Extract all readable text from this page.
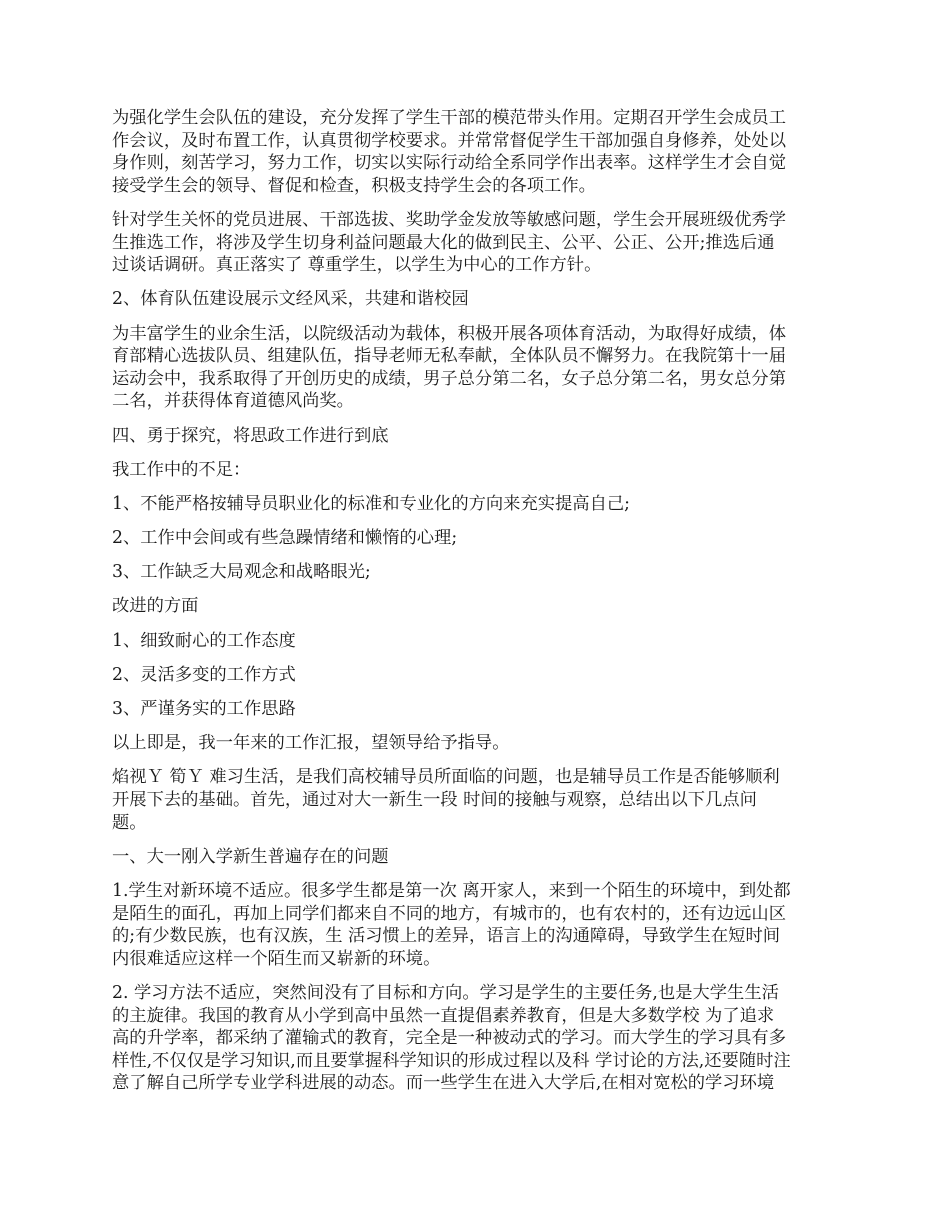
为强化学生会队伍的建设，充分发挥了学生干部的模范带头作用。定期召开学生会成员工
作会议，及时布置工作，认真贯彻学校要求。并常常督促学生干部加强自身修养，处处以
身作则，刻苦学习，努力工作，切实以实际行动给全系同学作出表率。这样学生才会自觉
接受学生会的领导、督促和检查，积极支持学生会的各项工作。
针对学生关怀的党员进展、干部选拔、奖助学金发放等敏感问题，学生会开展班级优秀学
生推选工作，将涉及学生切身利益问题最大化的做到民主、公平、公正、公开;推选后通
过谈话调研。真正落实了 尊重学生，以学生为中心的工作方针。
2、体育队伍建设展示文经风采，共建和谐校园
为丰富学生的业余生活，以院级活动为载体，积极开展各项体育活动，为取得好成绩，体
育部精心选拔队员、组建队伍，指导老师无私奉献，全体队员不懈努力。在我院第十一届
运动会中，我系取得了开创历史的成绩，男子总分第二名，女子总分第二名，男女总分第
二名，并获得体育道德风尚奖。
四、勇于探究，将思政工作进行到底
我工作中的不足：
1、不能严格按辅导员职业化的标准和专业化的方向来充实提高自己;
2、工作中会间或有些急躁情绪和懒惰的心理;
3、工作缺乏大局观念和战略眼光;
改进的方面
1、细致耐心的工作态度
2、灵活多变的工作方式
3、严谨务实的工作思路
以上即是，我一年来的工作汇报，望领导给予指导。
焰视Ｙ 筍Ｙ 难习生活，是我们高校辅导员所面临的问题，也是辅导员工作是否能够顺利
开展下去的基础。首先，通过对大一新生一段 时间的接触与观察，总结出以下几点问
题。
一、大一刚入学新生普遍存在的问题
1.学生对新环境不适应。很多学生都是第一次 离开家人，来到一个陌生的环境中，到处都
是陌生的面孔，再加上同学们都来自不同的地方，有城市的，也有农村的，还有边远山区
的;有少数民族，也有汉族，生 活习惯上的差异，语言上的沟通障碍，导致学生在短时间
内很难适应这样一个陌生而又崭新的环境。
2. 学习方法不适应，突然间没有了目标和方向。学习是学生的主要任务,也是大学生生活
的主旋律。我国的教育从小学到高中虽然一直提倡素养教育，但是大多数学校 为了追求
高的升学率，都采纳了灌输式的教育，完全是一种被动式的学习。而大学生的学习具有多
样性,不仅仅是学习知识,而且要掌握科学知识的形成过程以及科 学讨论的方法,还要随时注
意了解自己所学专业学科进展的动态。而一些学生在进入大学后,在相对宽松的学习环境
